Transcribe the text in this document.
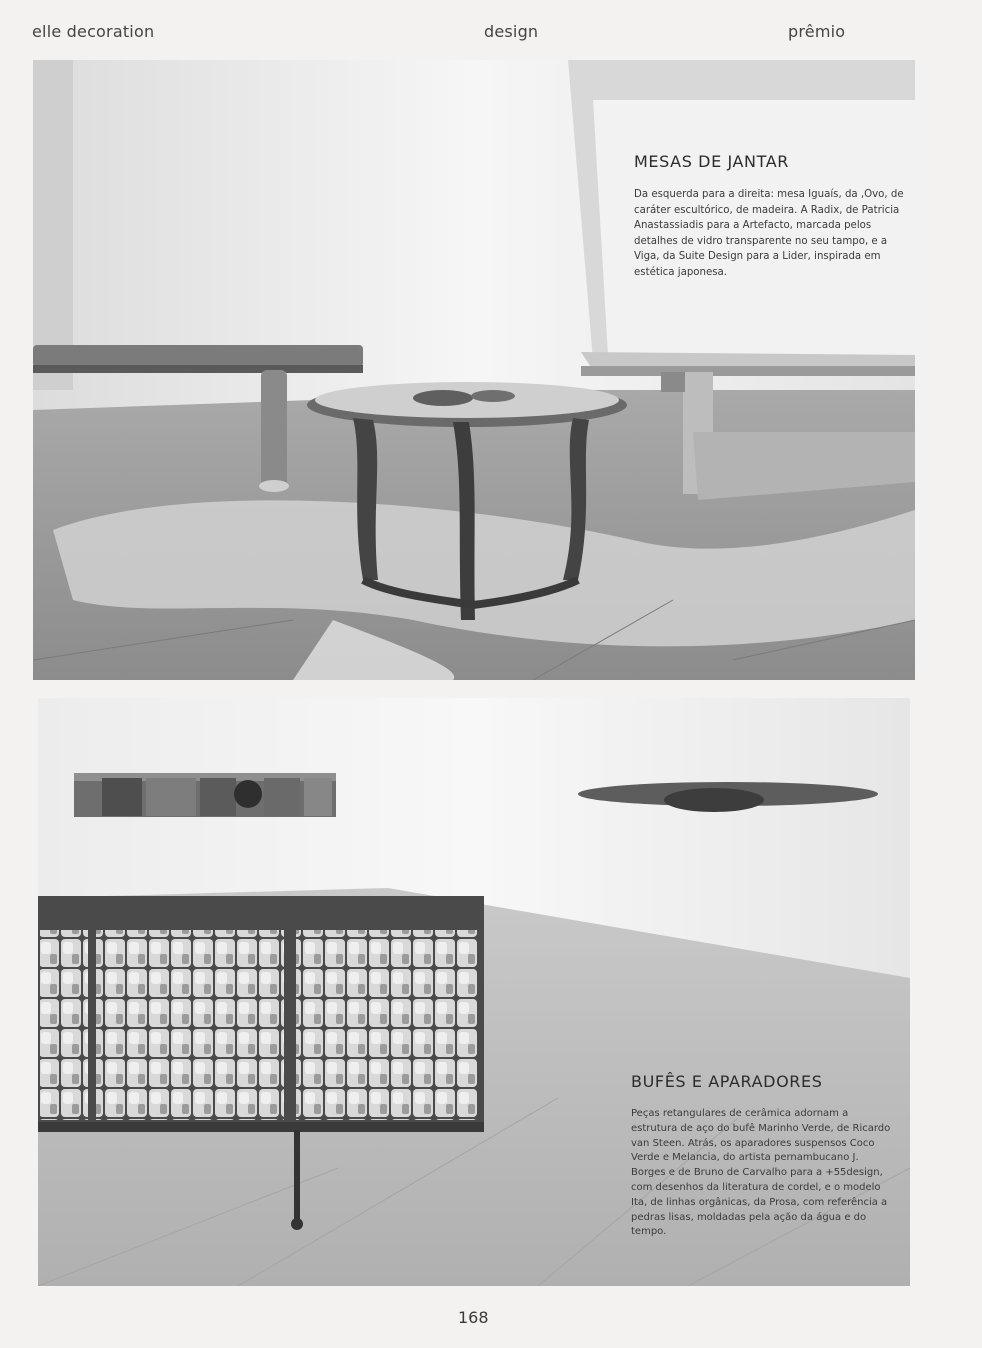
elle decoration	design	prêmio
MESAS DE JANTAR

Da esquerda para a direita: mesa Iguaís, da ,Ovo, de caráter escultórico, de madeira. A Radix, de Patricia Anastassiadis para a Artefacto, marcada pelos detalhes de vidro transparente no seu tampo, e a Viga, da Suite Design para a Lider, inspirada em estética japonesa.

BUFÊS E APARADORES

Peças retangulares de cerâmica adornam a estrutura de aço do bufê Marinho Verde, de Ricardo van Steen. Atrás, os aparadores suspensos Coco Verde e Melancia, do artista pernambucano J. Borges e de Bruno de Carvalho para a +55design, com desenhos da literatura de cordel, e o modelo Ita, de linhas orgânicas, da Prosa, com referência a pedras lisas, moldadas pela ação da água e do tempo.

168
